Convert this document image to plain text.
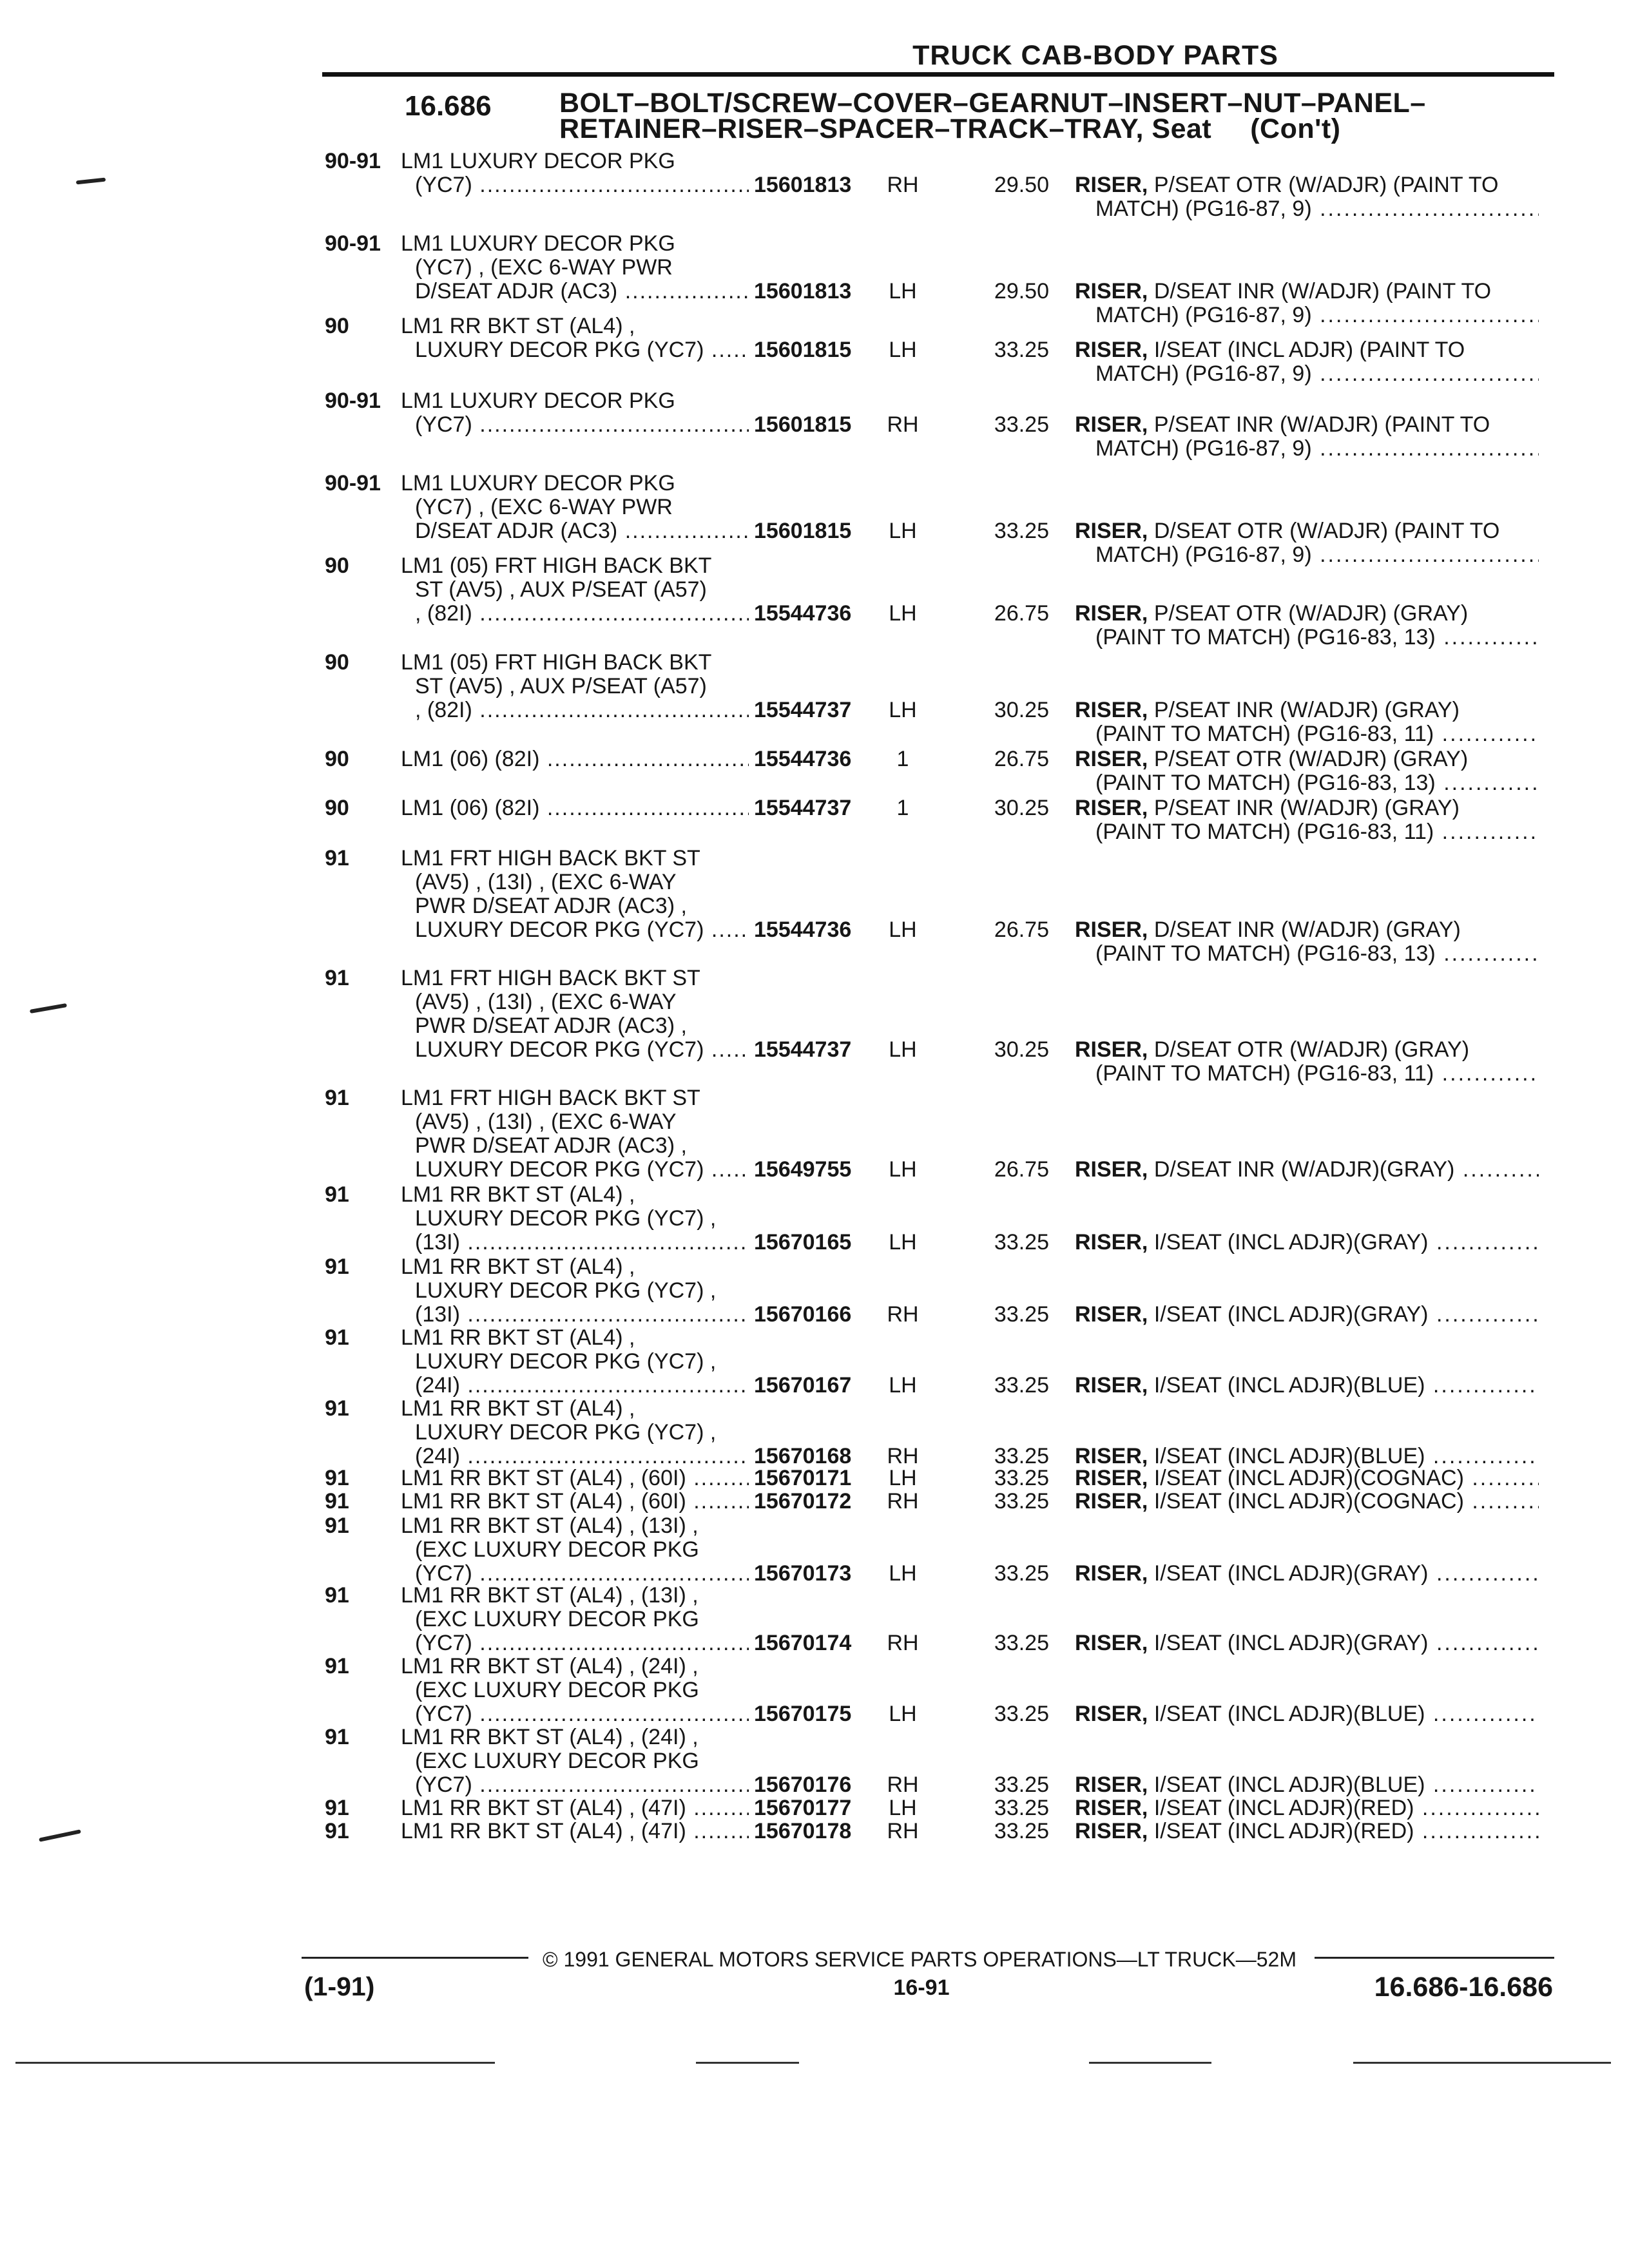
TRUCK CAB-BODY PARTS
16.686 BOLT–BOLT/SCREW–COVER–GEARNUT–INSERT–NUT–PANEL–
RETAINER–RISER–SPACER–TRACK–TRAY, Seat (Con't)
90-91 LM1 LUXURY DECOR PKG
(YC7) .....	15601813	RH	29.50 RISER, P/SEAT OTR (W/ADJR) (PAINT TO
MATCH) (PG16-87, 9) .....
90-91 LM1 LUXURY DECOR PKG
(YC7) , (EXC 6-WAY PWR
D/SEAT ADJR (AC3) .....	15601813	LH	29.50 RISER, D/SEAT INR (W/ADJR) (PAINT TO
MATCH) (PG16-87, 9) .....
90 LM1 RR BKT ST (AL4) ,
LUXURY DECOR PKG (YC7) .....	15601815	LH	33.25 RISER, I/SEAT (INCL ADJR) (PAINT TO
MATCH) (PG16-87, 9) .....
90-91 LM1 LUXURY DECOR PKG
(YC7) .....	15601815	RH	33.25 RISER, P/SEAT INR (W/ADJR) (PAINT TO
MATCH) (PG16-87, 9) .....
90-91 LM1 LUXURY DECOR PKG
(YC7) , (EXC 6-WAY PWR
D/SEAT ADJR (AC3) .....	15601815	LH	33.25 RISER, D/SEAT OTR (W/ADJR) (PAINT TO
MATCH) (PG16-87, 9) .....
90 LM1 (05) FRT HIGH BACK BKT
ST (AV5) , AUX P/SEAT (A57)
, (82I) .....	15544736	LH	26.75 RISER, P/SEAT OTR (W/ADJR) (GRAY)
(PAINT TO MATCH) (PG16-83, 13) .....
90 LM1 (05) FRT HIGH BACK BKT
ST (AV5) , AUX P/SEAT (A57)
, (82I) .....	15544737	LH	30.25 RISER, P/SEAT INR (W/ADJR) (GRAY)
(PAINT TO MATCH) (PG16-83, 11) .....
90 LM1 (06) (82I) .....	15544736	1	26.75 RISER, P/SEAT OTR (W/ADJR) (GRAY)
(PAINT TO MATCH) (PG16-83, 13) .....
90 LM1 (06) (82I) .....	15544737	1	30.25 RISER, P/SEAT INR (W/ADJR) (GRAY)
(PAINT TO MATCH) (PG16-83, 11) .....
91 LM1 FRT HIGH BACK BKT ST
(AV5) , (13I) , (EXC 6-WAY
PWR D/SEAT ADJR (AC3) ,
LUXURY DECOR PKG (YC7) .....	15544736	LH	26.75 RISER, D/SEAT INR (W/ADJR) (GRAY)
(PAINT TO MATCH) (PG16-83, 13) .....
91 LM1 FRT HIGH BACK BKT ST
(AV5) , (13I) , (EXC 6-WAY
PWR D/SEAT ADJR (AC3) ,
LUXURY DECOR PKG (YC7) .....	15544737	LH	30.25 RISER, D/SEAT OTR (W/ADJR) (GRAY)
(PAINT TO MATCH) (PG16-83, 11) .....
91 LM1 FRT HIGH BACK BKT ST
(AV5) , (13I) , (EXC 6-WAY
PWR D/SEAT ADJR (AC3) ,
LUXURY DECOR PKG (YC7) .....	15649755	LH	26.75 RISER, D/SEAT INR (W/ADJR)(GRAY) .....
91 LM1 RR BKT ST (AL4) ,
LUXURY DECOR PKG (YC7) ,
(13I) .....	15670165	LH	33.25 RISER, I/SEAT (INCL ADJR)(GRAY) .....
91 LM1 RR BKT ST (AL4) ,
LUXURY DECOR PKG (YC7) ,
(13I) .....	15670166	RH	33.25 RISER, I/SEAT (INCL ADJR)(GRAY) .....
91 LM1 RR BKT ST (AL4) ,
LUXURY DECOR PKG (YC7) ,
(24I) .....	15670167	LH	33.25 RISER, I/SEAT (INCL ADJR)(BLUE) .....
91 LM1 RR BKT ST (AL4) ,
LUXURY DECOR PKG (YC7) ,
(24I) .....	15670168	RH	33.25 RISER, I/SEAT (INCL ADJR)(BLUE) .....
91 LM1 RR BKT ST (AL4) , (60I) .....	15670171	LH	33.25 RISER, I/SEAT (INCL ADJR)(COGNAC) .....
91 LM1 RR BKT ST (AL4) , (60I) .....	15670172	RH	33.25 RISER, I/SEAT (INCL ADJR)(COGNAC) .....
91 LM1 RR BKT ST (AL4) , (13I) ,
(EXC LUXURY DECOR PKG
(YC7) .....	15670173	LH	33.25 RISER, I/SEAT (INCL ADJR)(GRAY) .....
91 LM1 RR BKT ST (AL4) , (13I) ,
(EXC LUXURY DECOR PKG
(YC7) .....	15670174	RH	33.25 RISER, I/SEAT (INCL ADJR)(GRAY) .....
91 LM1 RR BKT ST (AL4) , (24I) ,
(EXC LUXURY DECOR PKG
(YC7) .....	15670175	LH	33.25 RISER, I/SEAT (INCL ADJR)(BLUE) .....
91 LM1 RR BKT ST (AL4) , (24I) ,
(EXC LUXURY DECOR PKG
(YC7) .....	15670176	RH	33.25 RISER, I/SEAT (INCL ADJR)(BLUE) .....
91 LM1 RR BKT ST (AL4) , (47I) .....	15670177	LH	33.25 RISER, I/SEAT (INCL ADJR)(RED) .....
91 LM1 RR BKT ST (AL4) , (47I) .....	15670178	RH	33.25 RISER, I/SEAT (INCL ADJR)(RED) .....
© 1991 GENERAL MOTORS SERVICE PARTS OPERATIONS—LT TRUCK—52M
(1-91)	16-91	16.686-16.686
